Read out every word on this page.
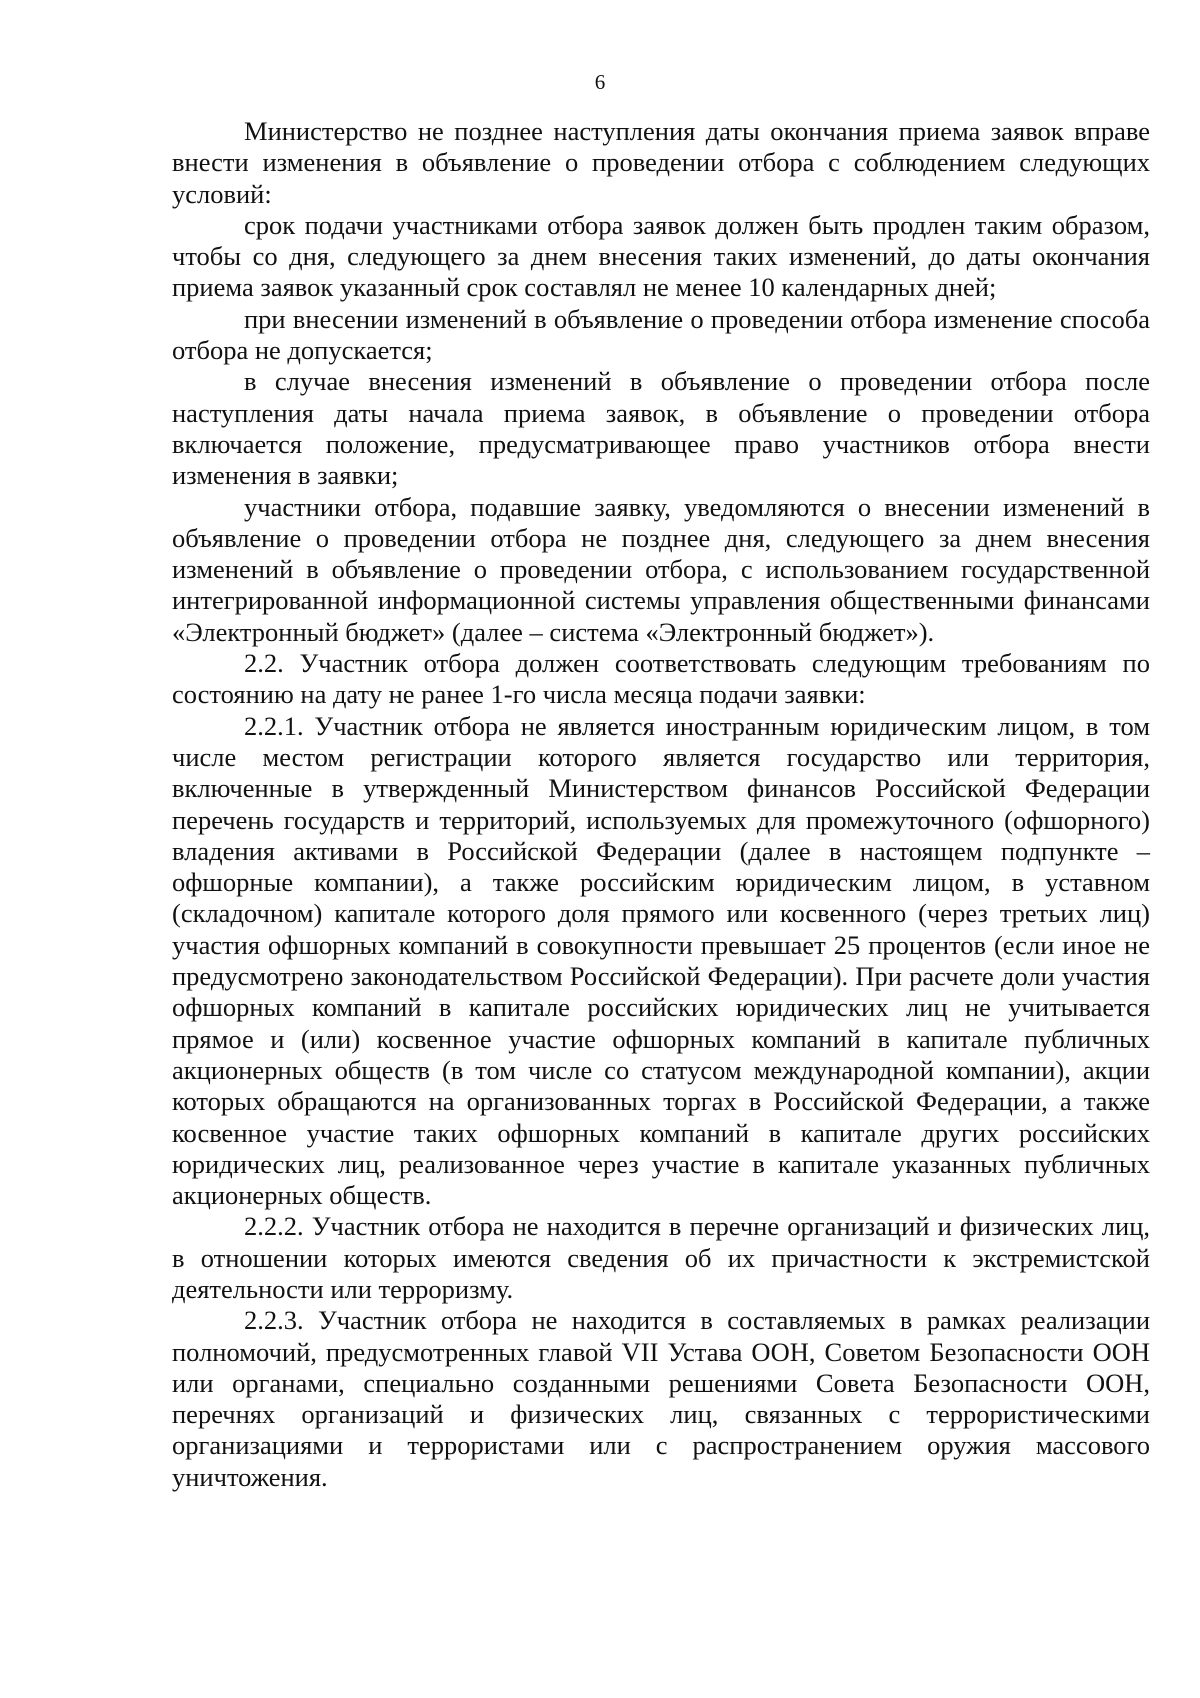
6

Министерство не позднее наступления даты окончания приема заявок вправе внести изменения в объявление о проведении отбора с соблюдением следующих условий:

срок подачи участниками отбора заявок должен быть продлен таким образом, чтобы со дня, следующего за днем внесения таких изменений, до даты окончания приема заявок указанный срок составлял не менее 10 календарных дней;

при внесении изменений в объявление о проведении отбора изменение способа отбора не допускается;

в случае внесения изменений в объявление о проведении отбора после наступления даты начала приема заявок, в объявление о проведении отбора включается положение, предусматривающее право участников отбора внести изменения в заявки;

участники отбора, подавшие заявку, уведомляются о внесении изменений в объявление о проведении отбора не позднее дня, следующего за днем внесения изменений в объявление о проведении отбора, с использованием государственной интегрированной информационной системы управления общественными финансами «Электронный бюджет» (далее – система «Электронный бюджет»).

2.2. Участник отбора должен соответствовать следующим требованиям по состоянию на дату не ранее 1-го числа месяца подачи заявки:

2.2.1. Участник отбора не является иностранным юридическим лицом, в том числе местом регистрации которого является государство или территория, включенные в утвержденный Министерством финансов Российской Федерации перечень государств и территорий, используемых для промежуточного (офшорного) владения активами в Российской Федерации (далее в настоящем подпункте – офшорные компании), а также российским юридическим лицом, в уставном (складочном) капитале которого доля прямого или косвенного (через третьих лиц) участия офшорных компаний в совокупности превышает 25 процентов (если иное не предусмотрено законодательством Российской Федерации). При расчете доли участия офшорных компаний в капитале российских юридических лиц не учитывается прямое и (или) косвенное участие офшорных компаний в капитале публичных акционерных обществ (в том числе со статусом международной компании), акции которых обращаются на организованных торгах в Российской Федерации, а также косвенное участие таких офшорных компаний в капитале других российских юридических лиц, реализованное через участие в капитале указанных публичных акционерных обществ.

2.2.2. Участник отбора не находится в перечне организаций и физических лиц, в отношении которых имеются сведения об их причастности к экстремистской деятельности или терроризму.

2.2.3. Участник отбора не находится в составляемых в рамках реализации полномочий, предусмотренных главой VII Устава ООН, Советом Безопасности ООН или органами, специально созданными решениями Совета Безопасности ООН, перечнях организаций и физических лиц, связанных с террористическими организациями и террористами или с распространением оружия массового уничтожения.
